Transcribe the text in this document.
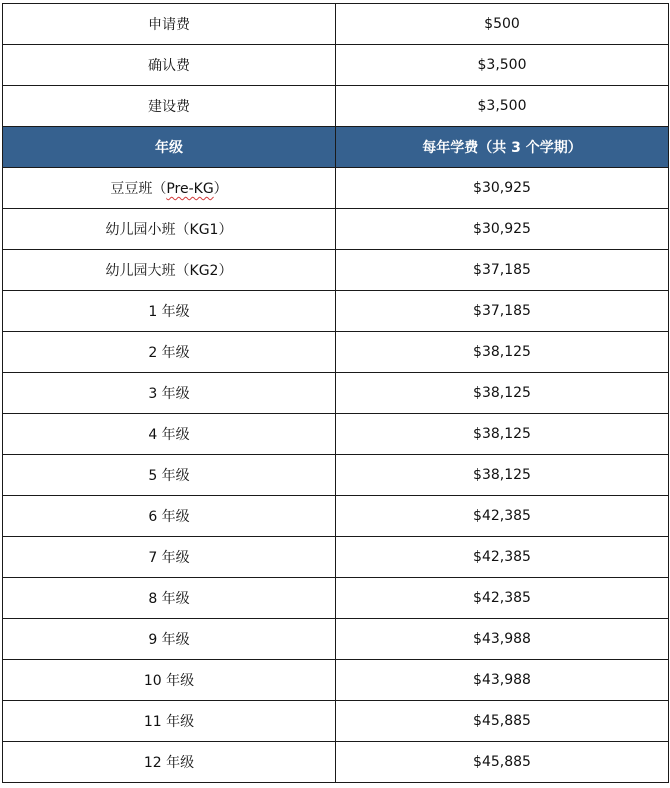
申请费	$500
确认费	$3,500
建设费	$3,500
年级	每年学费（共 3 个学期）
豆豆班（Pre-KG）	$30,925
幼儿园小班（KG1）	$30,925
幼儿园大班（KG2）	$37,185
1 年级	$37,185
2 年级	$38,125
3 年级	$38,125
4 年级	$38,125
5 年级	$38,125
6 年级	$42,385
7 年级	$42,385
8 年级	$42,385
9 年级	$43,988
10 年级	$43,988
11 年级	$45,885
12 年级	$45,885
